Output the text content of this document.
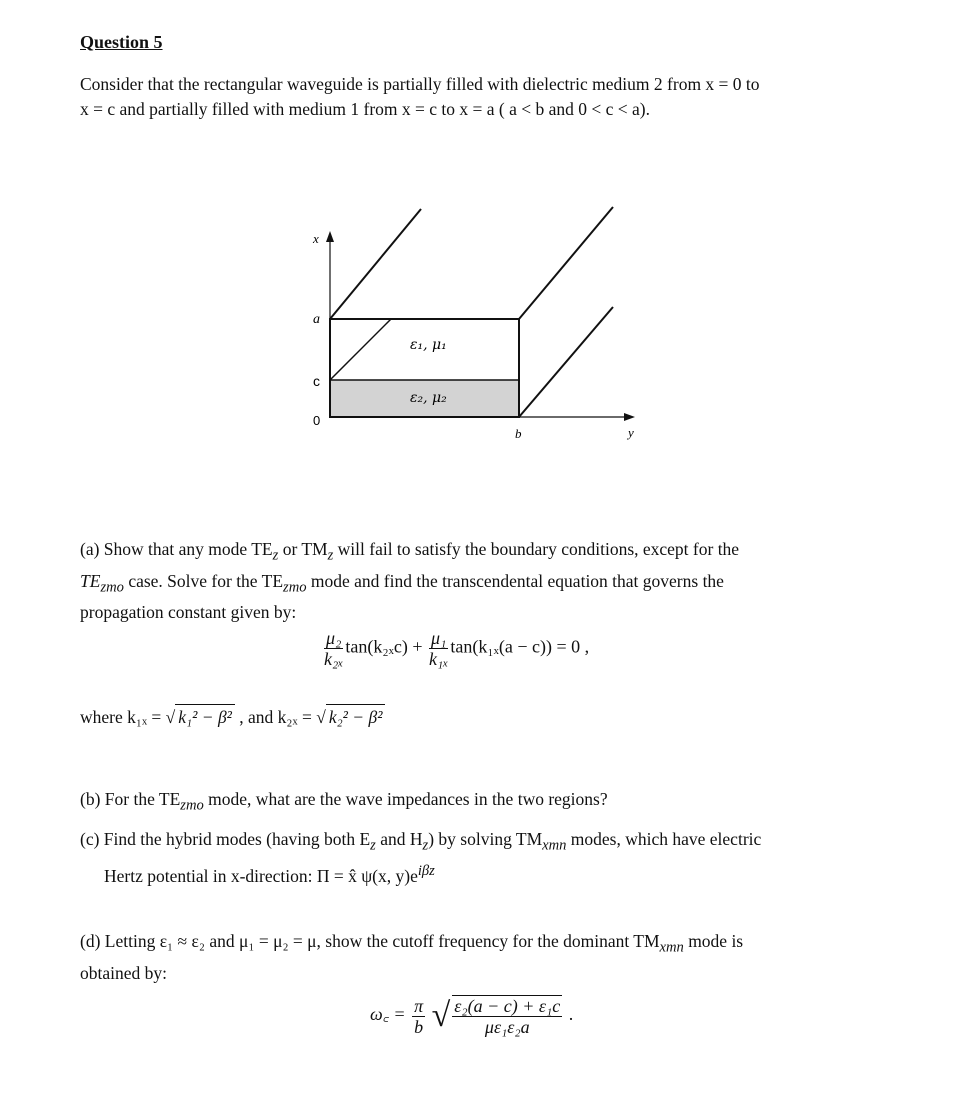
Question 5
Consider that the rectangular waveguide is partially filled with dielectric medium 2 from x = 0 to
x = c and partially filled with medium 1 from x = c to x = a ( a < b and 0 < c < a).
x
a
c
0
b	y
ε₁, μ₁
ε₂, μ₂
(a) Show that any mode $TE_z$ or $TM_z$ will fail to satisfy the boundary conditions, except for the
$TE_{zmo}$ case. Solve for the $TE_{zmo}$ mode and find the transcendental equation that governs the
propagation constant given by:
$\frac{\text{μ₂}}{\text{k₂ₓ}} \tan(k_{2x}c) + \frac{\text{μ₁}}{\text{k₁ₓ}} \tan(k_{1x}(a - c)) = 0$ ,
where k₁ₓ = √ k₁² − β² , and k₂ₓ = √ k₂² − β²
(b) For the $TE_{zmo}$ mode, what are the wave impedances in the two regions?
(c) Find the hybrid modes (having both $E_z$ and $H_z$) by solving $TM_{xmn}$ modes, which have electric
Hertz potential in x-direction: Π = x̂ ψ(x, $y)e^{i\beta z}$
(d) Letting ε₁ ≈ ε₂ and μ₁ = μ₂ = μ, show the cutoff frequency for the dominant $TM_{xmn}$ mode is
obtained by:
ω꜀ = $\frac{\pi}{b}$ √ $\frac{\text{ε₂(a − c) + ε₁c}}{\text{με₁ε₂a}}$ .
